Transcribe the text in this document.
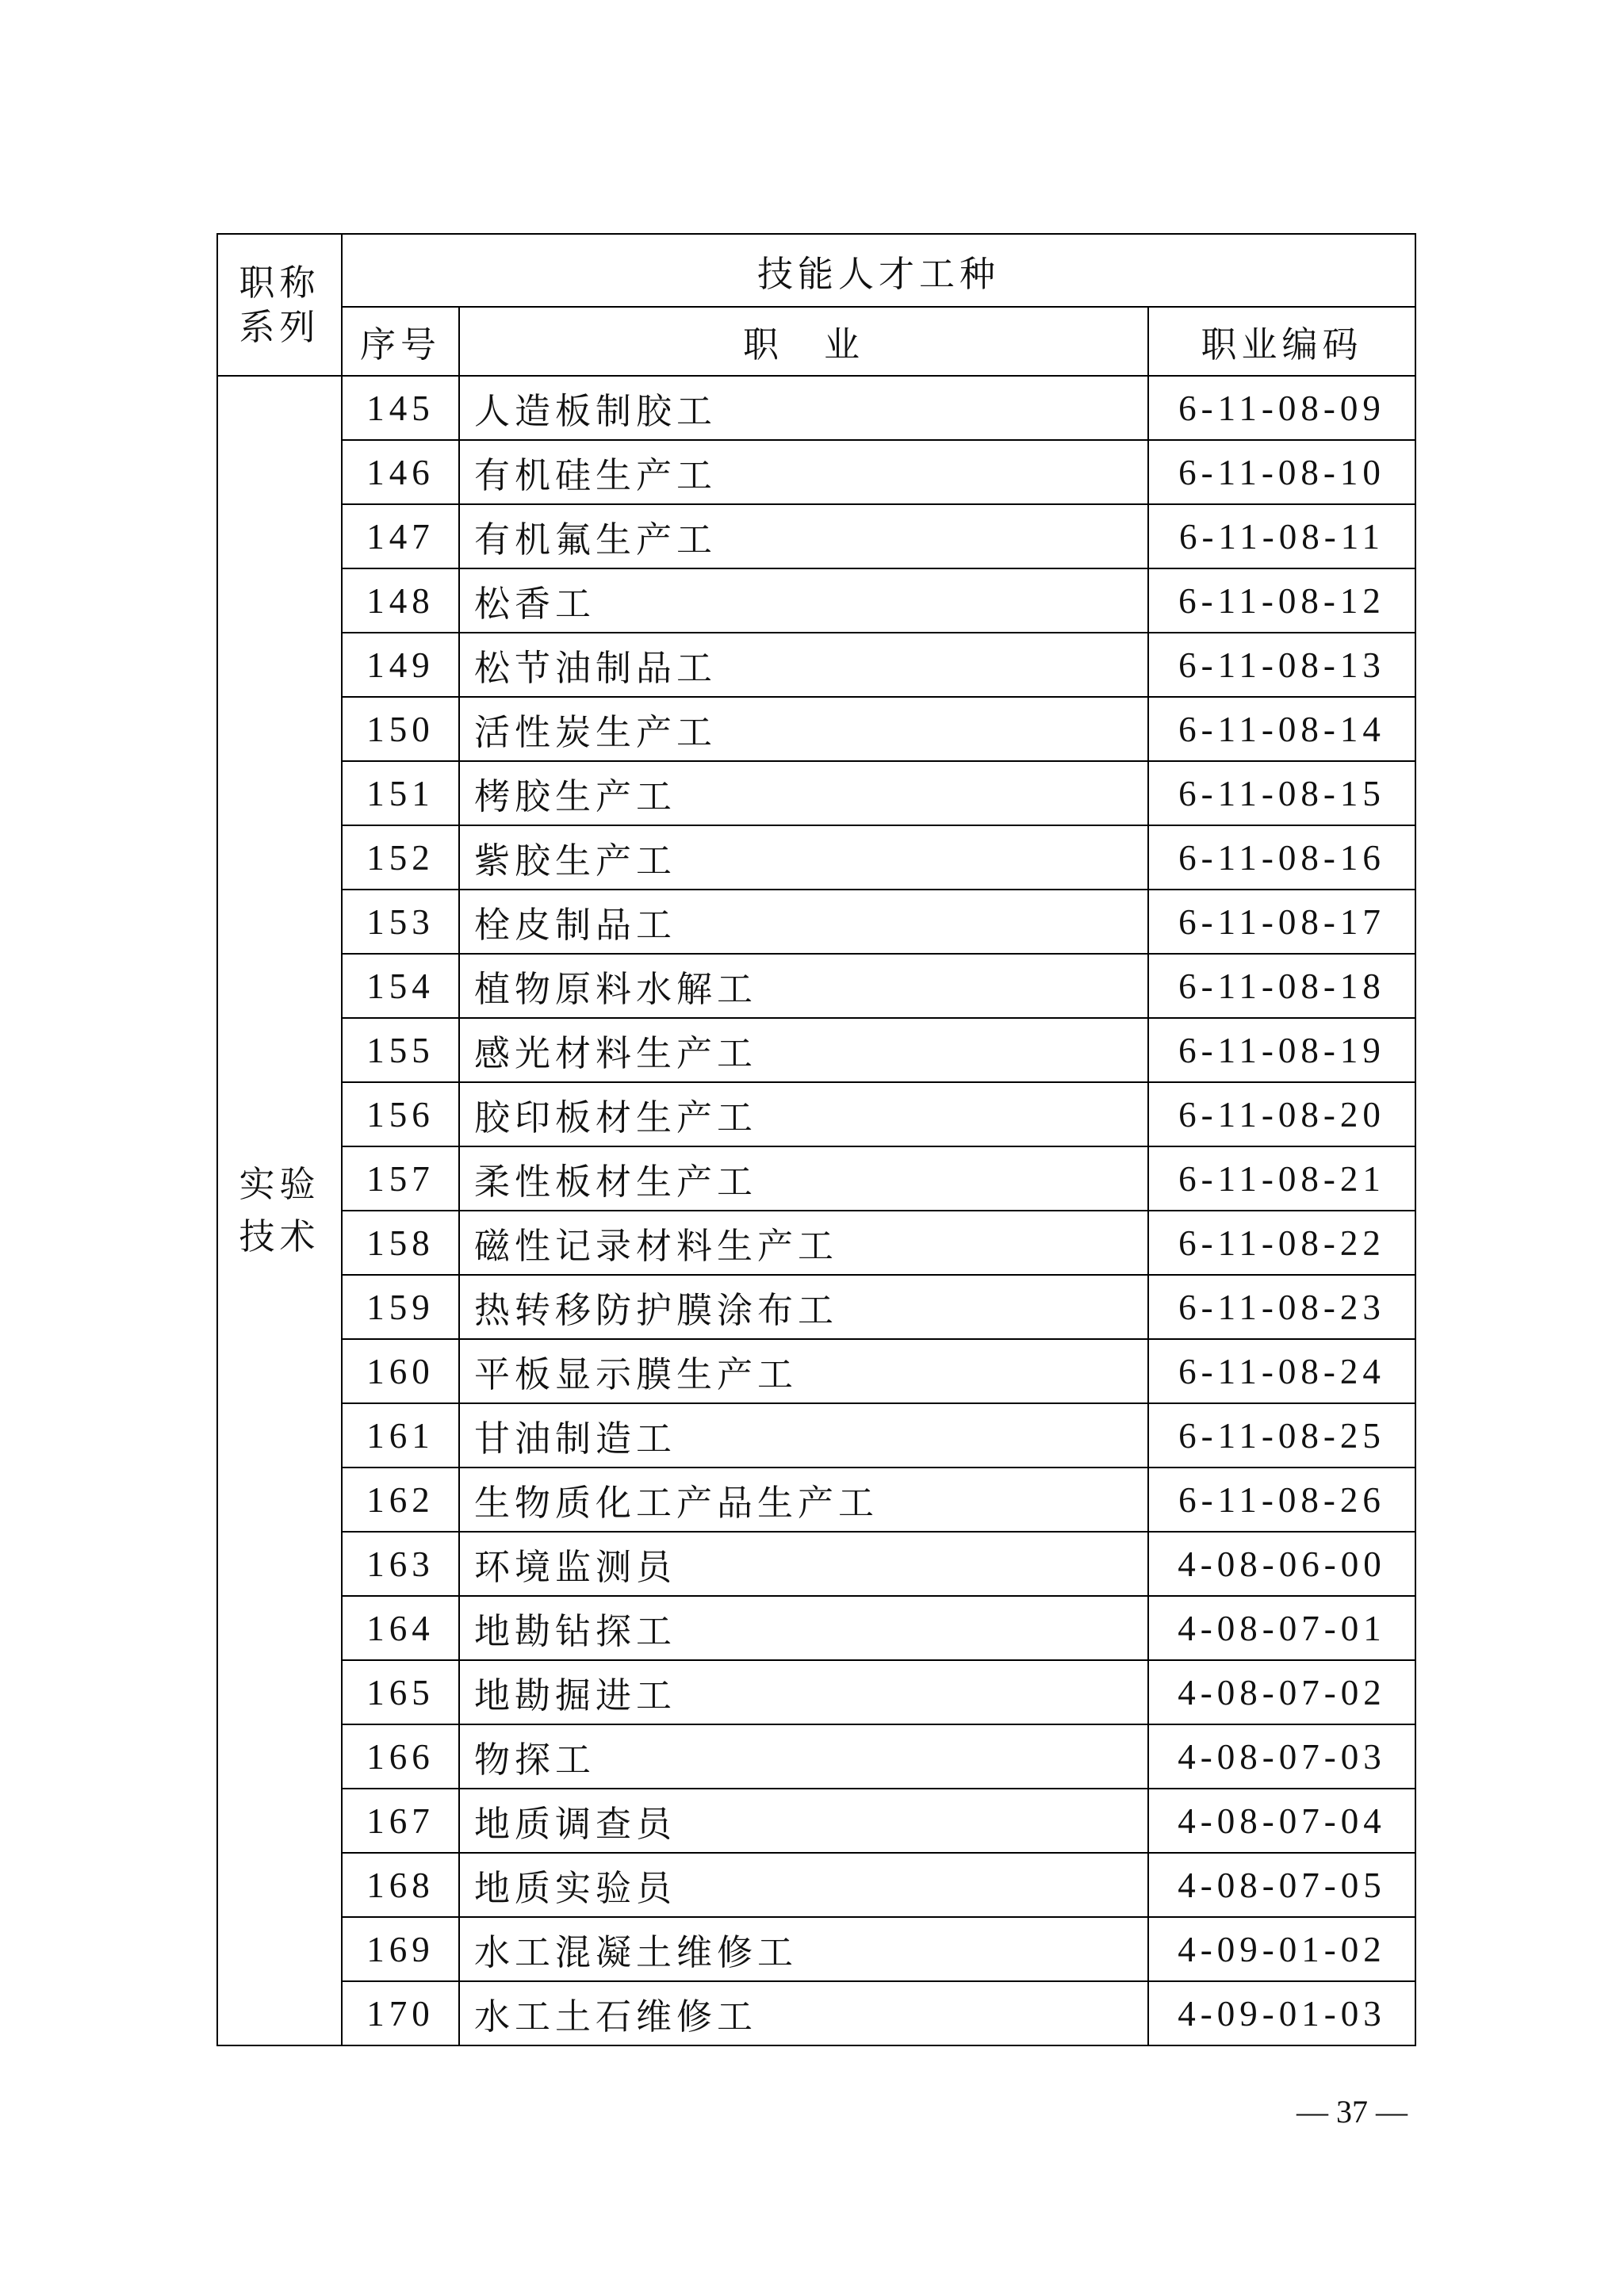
职称
系列	技能人才工种		
	序号	职　业	职业编码
实验
技术	145	人造板制胶工	6-11-08-09
	146	有机硅生产工	6-11-08-10
	147	有机氟生产工	6-11-08-11
	148	松香工	6-11-08-12
	149	松节油制品工	6-11-08-13
	150	活性炭生产工	6-11-08-14
	151	栲胶生产工	6-11-08-15
	152	紫胶生产工	6-11-08-16
	153	栓皮制品工	6-11-08-17
	154	植物原料水解工	6-11-08-18
	155	感光材料生产工	6-11-08-19
	156	胶印板材生产工	6-11-08-20
	157	柔性板材生产工	6-11-08-21
	158	磁性记录材料生产工	6-11-08-22
	159	热转移防护膜涂布工	6-11-08-23
	160	平板显示膜生产工	6-11-08-24
	161	甘油制造工	6-11-08-25
	162	生物质化工产品生产工	6-11-08-26
	163	环境监测员	4-08-06-00
	164	地勘钻探工	4-08-07-01
	165	地勘掘进工	4-08-07-02
	166	物探工	4-08-07-03
	167	地质调查员	4-08-07-04
	168	地质实验员	4-08-07-05
	169	水工混凝土维修工	4-09-01-02
	170	水工土石维修工	4-09-01-03
— 37 —
